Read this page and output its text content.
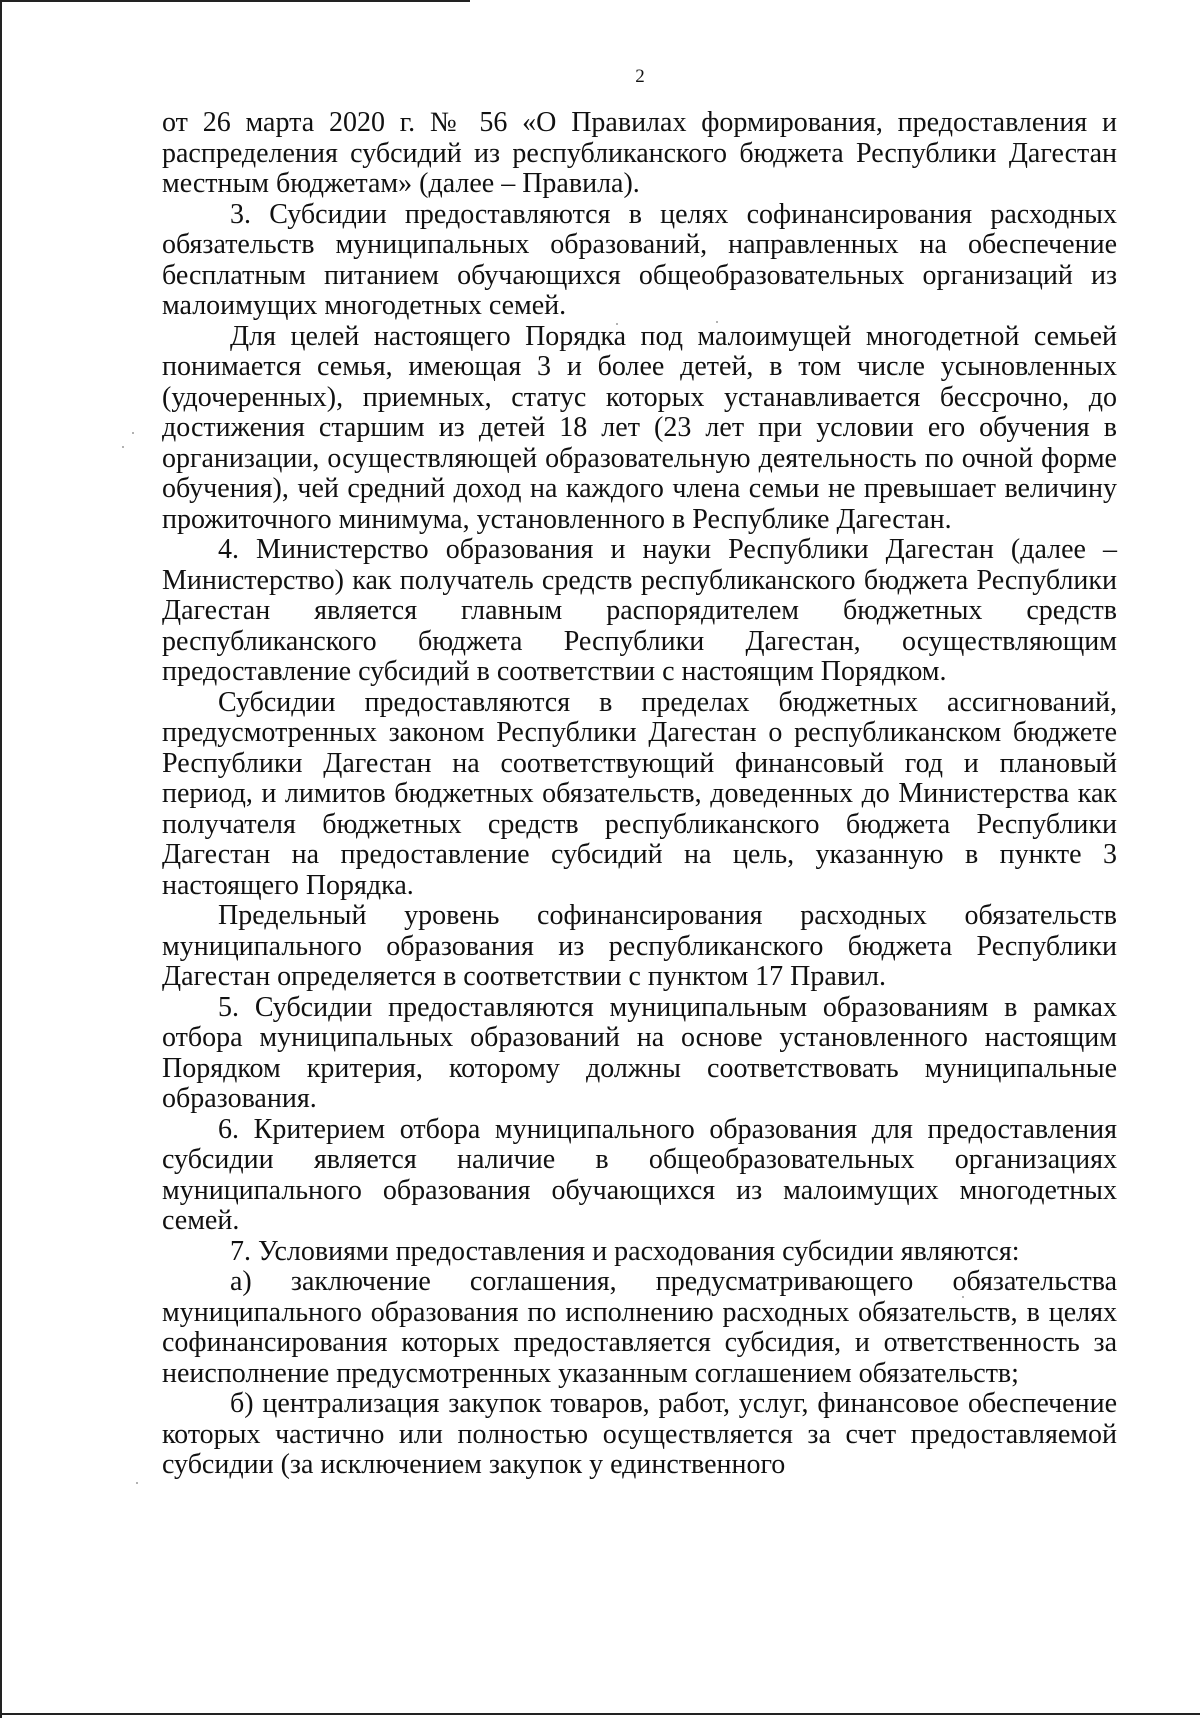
2

от 26 марта 2020 г. № 56 «О Правилах формирования, предоставления и распределения субсидий из республиканского бюджета Республики Дагестан местным бюджетам» (далее – Правила).

3. Субсидии предоставляются в целях софинансирования расходных обязательств муниципальных образований, направленных на обеспечение бесплатным питанием обучающихся общеобразовательных организаций из малоимущих многодетных семей.

Для целей настоящего Порядка под малоимущей многодетной семьей понимается семья, имеющая 3 и более детей, в том числе усыновленных (удочеренных), приемных, статус которых устанавливается бессрочно, до достижения старшим из детей 18 лет (23 лет при условии его обучения в организации, осуществляющей образовательную деятельность по очной форме обучения), чей средний доход на каждого члена семьи не превышает величину прожиточного минимума, установленного в Республике Дагестан.

4. Министерство образования и науки Республики Дагестан (далее – Министерство) как получатель средств республиканского бюджета Республики Дагестан является главным распорядителем бюджетных средств республиканского бюджета Республики Дагестан, осуществляющим предоставление субсидий в соответствии с настоящим Порядком.

Субсидии предоставляются в пределах бюджетных ассигнований, предусмотренных законом Республики Дагестан о республиканском бюджете Республики Дагестан на соответствующий финансовый год и плановый период, и лимитов бюджетных обязательств, доведенных до Министерства как получателя бюджетных средств республиканского бюджета Республики Дагестан на предоставление субсидий на цель, указанную в пункте 3 настоящего Порядка.

Предельный уровень софинансирования расходных обязательств муниципального образования из республиканского бюджета Республики Дагестан определяется в соответствии с пунктом 17 Правил.

5. Субсидии предоставляются муниципальным образованиям в рамках отбора муниципальных образований на основе установленного настоящим Порядком критерия, которому должны соответствовать муниципальные образования.

6. Критерием отбора муниципального образования для предоставления субсидии является наличие в общеобразовательных организациях муниципального образования обучающихся из малоимущих многодетных семей.

7. Условиями предоставления и расходования субсидии являются:

а) заключение соглашения, предусматривающего обязательства муниципального образования по исполнению расходных обязательств, в целях софинансирования которых предоставляется субсидия, и ответственность за неисполнение предусмотренных указанным соглашением обязательств;

б) централизация закупок товаров, работ, услуг, финансовое обеспечение которых частично или полностью осуществляется за счет предоставляемой субсидии (за исключением закупок у единственного
